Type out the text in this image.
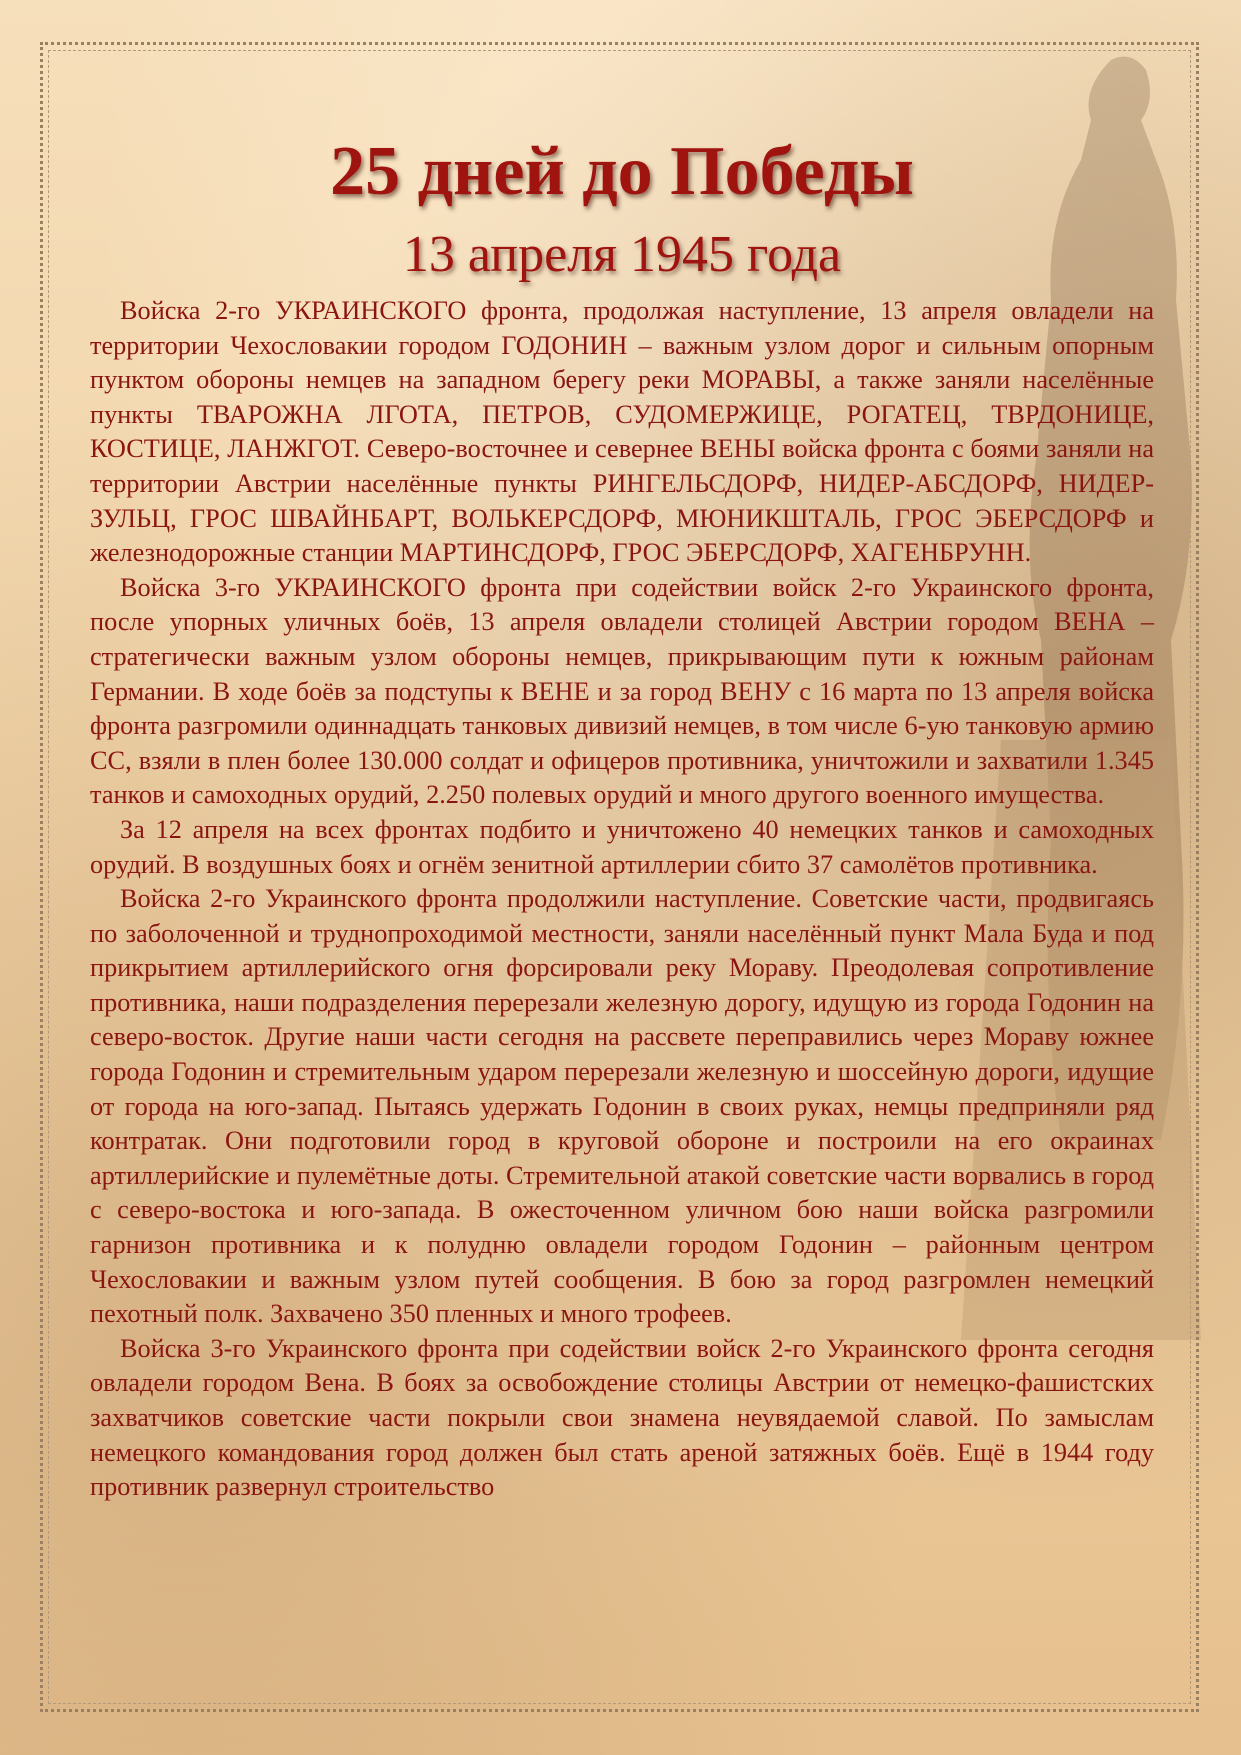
25 дней до Победы
13 апреля 1945 года

Войска 2-го УКРАИНСКОГО фронта, продолжая наступление, 13 апреля овладели на территории Чехословакии городом ГОДОНИН – важным узлом дорог и сильным опорным пунктом обороны немцев на западном берегу реки МОРАВЫ, а также заняли населённые пункты ТВАРОЖНА ЛГОТА, ПЕТРОВ, СУДОМЕРЖИЦЕ, РОГАТЕЦ, ТВРДОНИЦЕ, КОСТИЦЕ, ЛАНЖГОТ. Северо-восточнее и севернее ВЕНЫ войска фронта с боями заняли на территории Австрии населённые пункты РИНГЕЛЬСДОРФ, НИДЕР-АБСДОРФ, НИДЕР-ЗУЛЬЦ, ГРОС ШВАЙНБАРТ, ВОЛЬКЕРСДОРФ, МЮНИКШТАЛЬ, ГРОС ЭБЕРСДОРФ и железнодорожные станции МАРТИНСДОРФ, ГРОС ЭБЕРСДОРФ, ХАГЕНБРУНН.

Войска 3-го УКРАИНСКОГО фронта при содействии войск 2-го Украинского фронта, после упорных уличных боёв, 13 апреля овладели столицей Австрии городом ВЕНА – стратегически важным узлом обороны немцев, прикрывающим пути к южным районам Германии. В ходе боёв за подступы к ВЕНЕ и за город ВЕНУ с 16 марта по 13 апреля войска фронта разгромили одиннадцать танковых дивизий немцев, в том числе 6-ую танковую армию СС, взяли в плен более 130.000 солдат и офицеров противника, уничтожили и захватили 1.345 танков и самоходных орудий, 2.250 полевых орудий и много другого военного имущества.

За 12 апреля на всех фронтах подбито и уничтожено 40 немецких танков и самоходных орудий. В воздушных боях и огнём зенитной артиллерии сбито 37 самолётов противника.

Войска 2-го Украинского фронта продолжили наступление. Советские части, продвигаясь по заболоченной и труднопроходимой местности, заняли населённый пункт Мала Буда и под прикрытием артиллерийского огня форсировали реку Мораву. Преодолевая сопротивление противника, наши подразделения перерезали железную дорогу, идущую из города Годонин на северо-восток. Другие наши части сегодня на рассвете переправились через Мораву южнее города Годонин и стремительным ударом перерезали железную и шоссейную дороги, идущие от города на юго-запад. Пытаясь удержать Годонин в своих руках, немцы предприняли ряд контратак. Они подготовили город в круговой обороне и построили на его окраинах артиллерийские и пулемётные доты. Стремительной атакой советские части ворвались в город с северо-востока и юго-запада. В ожесточенном уличном бою наши войска разгромили гарнизон противника и к полудню овладели городом Годонин – районным центром Чехословакии и важным узлом путей сообщения. В бою за город разгромлен немецкий пехотный полк. Захвачено 350 пленных и много трофеев.

Войска 3-го Украинского фронта при содействии войск 2-го Украинского фронта сегодня овладели городом Вена. В боях за освобождение столицы Австрии от немецко-фашистских захватчиков советские части покрыли свои знамена неувядаемой славой. По замыслам немецкого командования город должен был стать ареной затяжных боёв. Ещё в 1944 году противник развернул строительство
